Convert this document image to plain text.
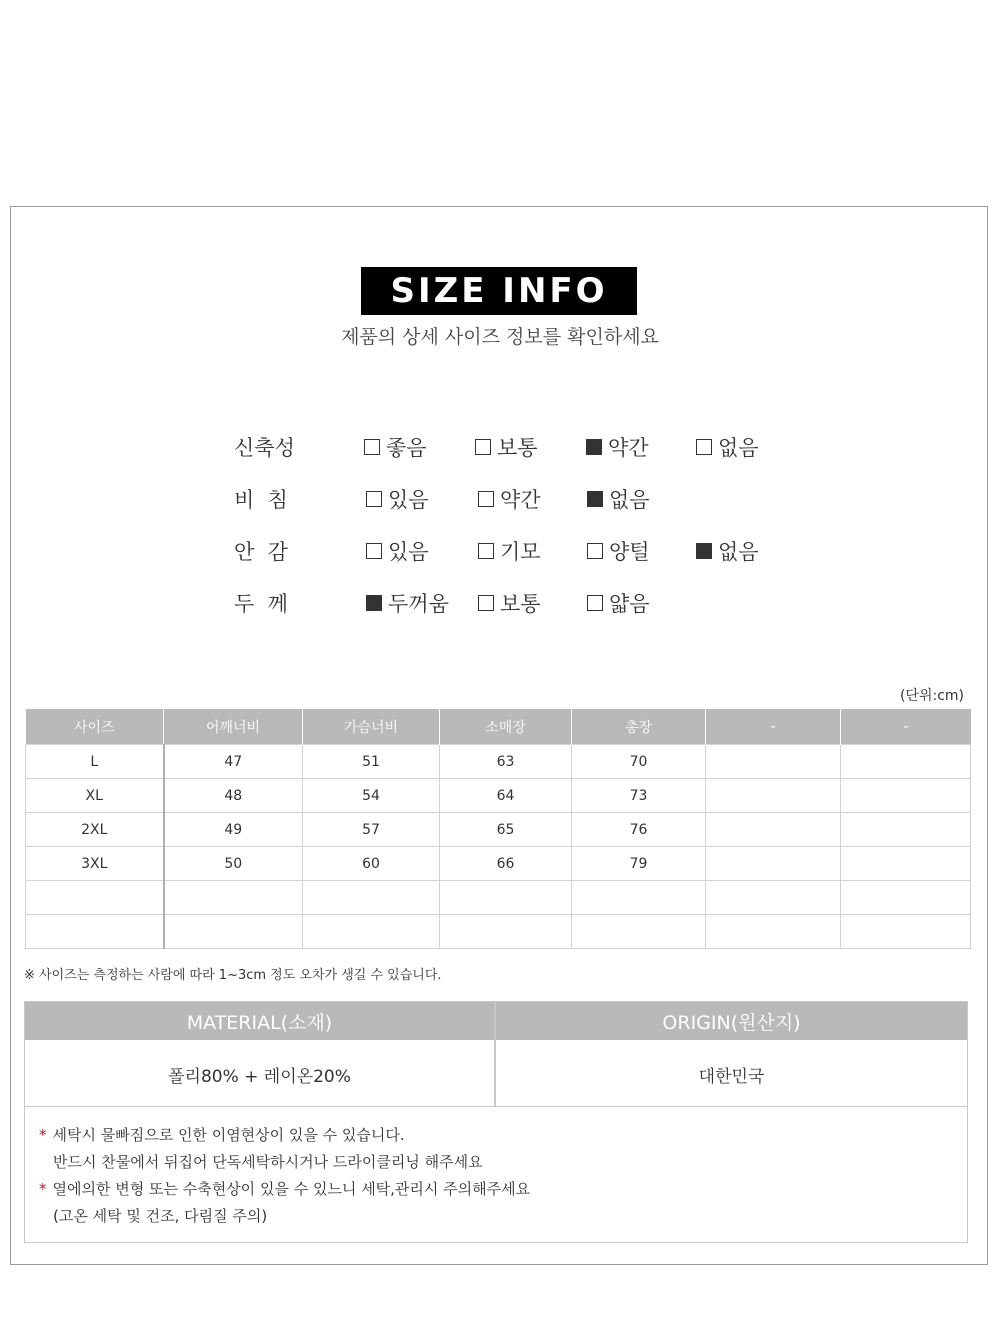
SIZE INFO
제품의 상세 사이즈 정보를 확인하세요
신축성	좋음	보통	약간	없음
비  침	있음	약간	없음
안  감	있음	기모	양털	없음
두  께	두꺼움 보통	얇음
(단위:cm)
사이즈	어깨너비	가슴너비	소매장	총장	-	-
L	47	51	63	70		
XL	48	54	64	73		
2XL	49	57	65	76		
3XL	50	60	66	79		

※ 사이즈는 측정하는 사람에 따라 1~3cm 정도 오차가 생길 수 있습니다.
MATERIAL(소재)	ORIGIN(원산지)
폴리80% + 레이온20%	대한민국
* 세탁시 물빠짐으로 인한 이염현상이 있을 수 있습니다.
반드시 찬물에서 뒤집어 단독세탁하시거나 드라이클리닝 해주세요
* 열에의한 변형 또는 수축현상이 있을 수 있느니 세탁,관리시 주의해주세요
(고온 세탁 및 건조, 다림질 주의)
